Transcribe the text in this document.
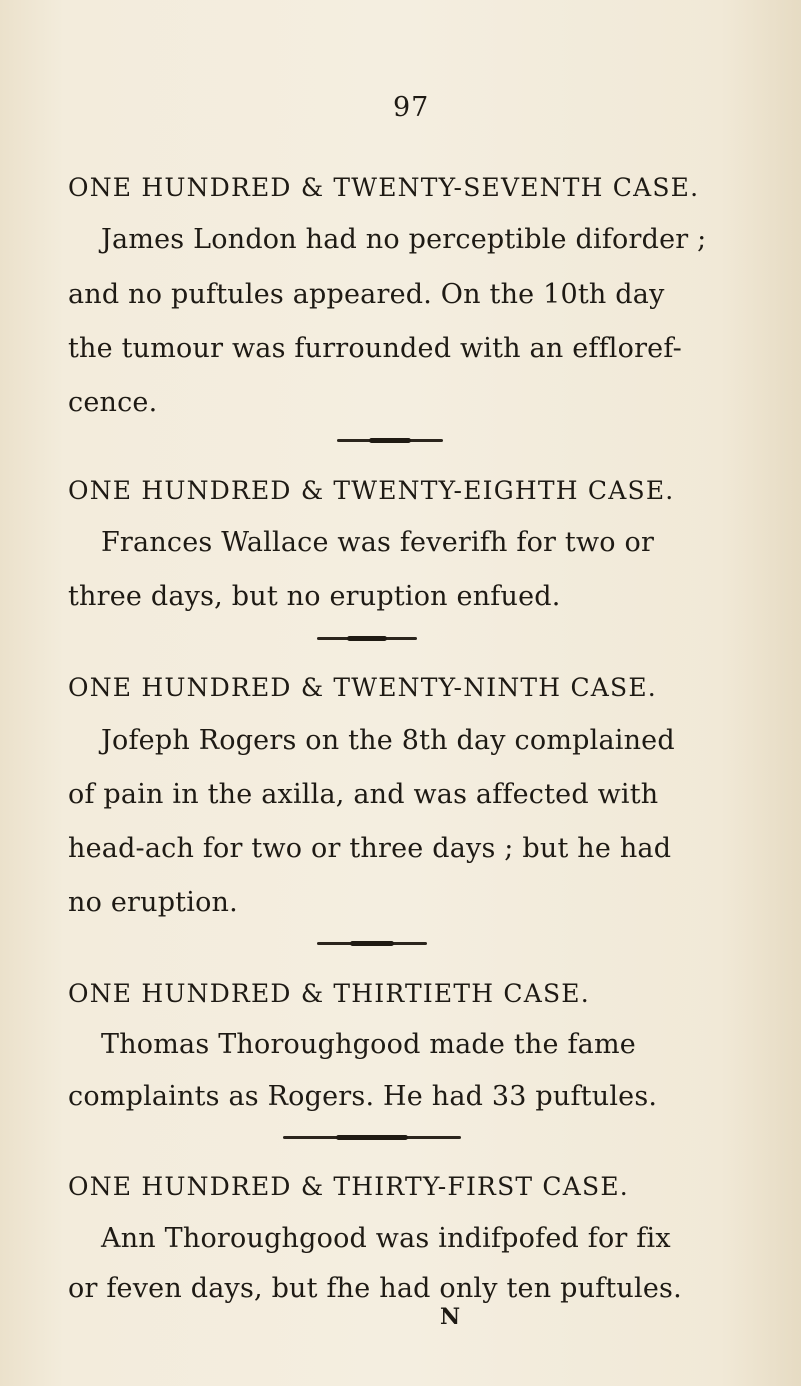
97
ONE HUNDRED & TWENTY-SEVENTH CASE.
James London had no perceptible diforder ;
and no puftules appeared. On the 10th day
the tumour was furrounded with an effloref-
cence.
ONE HUNDRED & TWENTY-EIGHTH CASE.
Frances Wallace was feverifh for two or
three days, but no eruption enfued.
ONE HUNDRED & TWENTY-NINTH CASE.
Jofeph Rogers on the 8th day complained
of pain in the axilla, and was affected with
head-ach for two or three days ; but he had
no eruption.
ONE HUNDRED & THIRTIETH CASE.
Thomas Thoroughgood made the fame
complaints as Rogers. He had 33 puftules.
ONE HUNDRED & THIRTY-FIRST CASE.
Ann Thoroughgood was indifpofed for fix
or feven days, but fhe had only ten puftules.
N
